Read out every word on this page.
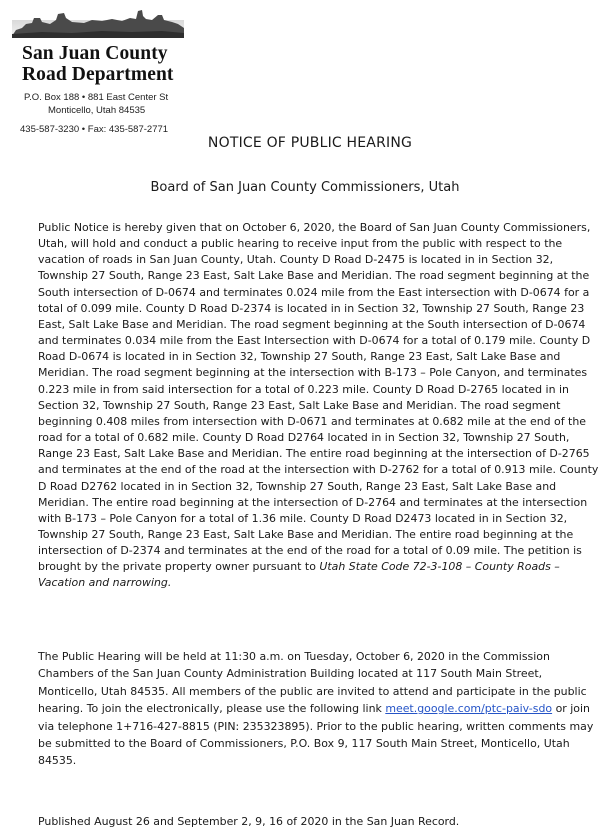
San Juan County
Road Department
P.O. Box 188 • 881 East Center St
Monticello, Utah 84535
435-587-3230 • Fax: 435-587-2771
NOTICE OF PUBLIC HEARING
Board of San Juan County Commissioners, Utah
Public Notice is hereby given that on October 6, 2020, the Board of San Juan County Commissioners, Utah, will hold and conduct a public hearing to receive input from the public with respect to the vacation of roads in San Juan County, Utah. County D Road D-2475 is located in in Section 32, Township 27 South, Range 23 East, Salt Lake Base and Meridian. The road segment beginning at the South intersection of D-0674 and terminates 0.024 mile from the East intersection with D-0674 for a total of 0.099 mile. County D Road D-2374 is located in in Section 32, Township 27 South, Range 23 East, Salt Lake Base and Meridian. The road segment beginning at the South intersection of D-0674 and terminates 0.034 mile from the East Intersection with D-0674 for a total of 0.179 mile. County D Road D-0674 is located in in Section 32, Township 27 South, Range 23 East, Salt Lake Base and Meridian. The road segment beginning at the intersection with B-173 – Pole Canyon, and terminates 0.223 mile in from said intersection for a total of 0.223 mile. County D Road D-2765 located in in Section 32, Township 27 South, Range 23 East, Salt Lake Base and Meridian. The road segment beginning 0.408 miles from intersection with D-0671 and terminates at 0.682 mile at the end of the road for a total of 0.682 mile. County D Road D2764 located in in Section 32, Township 27 South, Range 23 East, Salt Lake Base and Meridian. The entire road beginning at the intersection of D-2765 and terminates at the end of the road at the intersection with D-2762 for a total of 0.913 mile. County D Road D2762 located in in Section 32, Township 27 South, Range 23 East, Salt Lake Base and Meridian. The entire road beginning at the intersection of D-2764 and terminates at the intersection with B-173 – Pole Canyon for a total of 1.36 mile. County D Road D2473 located in in Section 32, Township 27 South, Range 23 East, Salt Lake Base and Meridian. The entire road beginning at the intersection of D-2374 and terminates at the end of the road for a total of 0.09 mile. The petition is brought by the private property owner pursuant to Utah State Code 72-3-108 – County Roads – Vacation and narrowing.
The Public Hearing will be held at 11:30 a.m. on Tuesday, October 6, 2020 in the Commission Chambers of the San Juan County Administration Building located at 117 South Main Street, Monticello, Utah 84535. All members of the public are invited to attend and participate in the public hearing. To join the electronically, please use the following link meet.google.com/ptc-paiv-sdo or join via telephone 1+716-427-8815 (PIN: 235323895). Prior to the public hearing, written comments may be submitted to the Board of Commissioners, P.O. Box 9, 117 South Main Street, Monticello, Utah 84535.
Published August 26 and September 2, 9, 16 of 2020 in the San Juan Record.
